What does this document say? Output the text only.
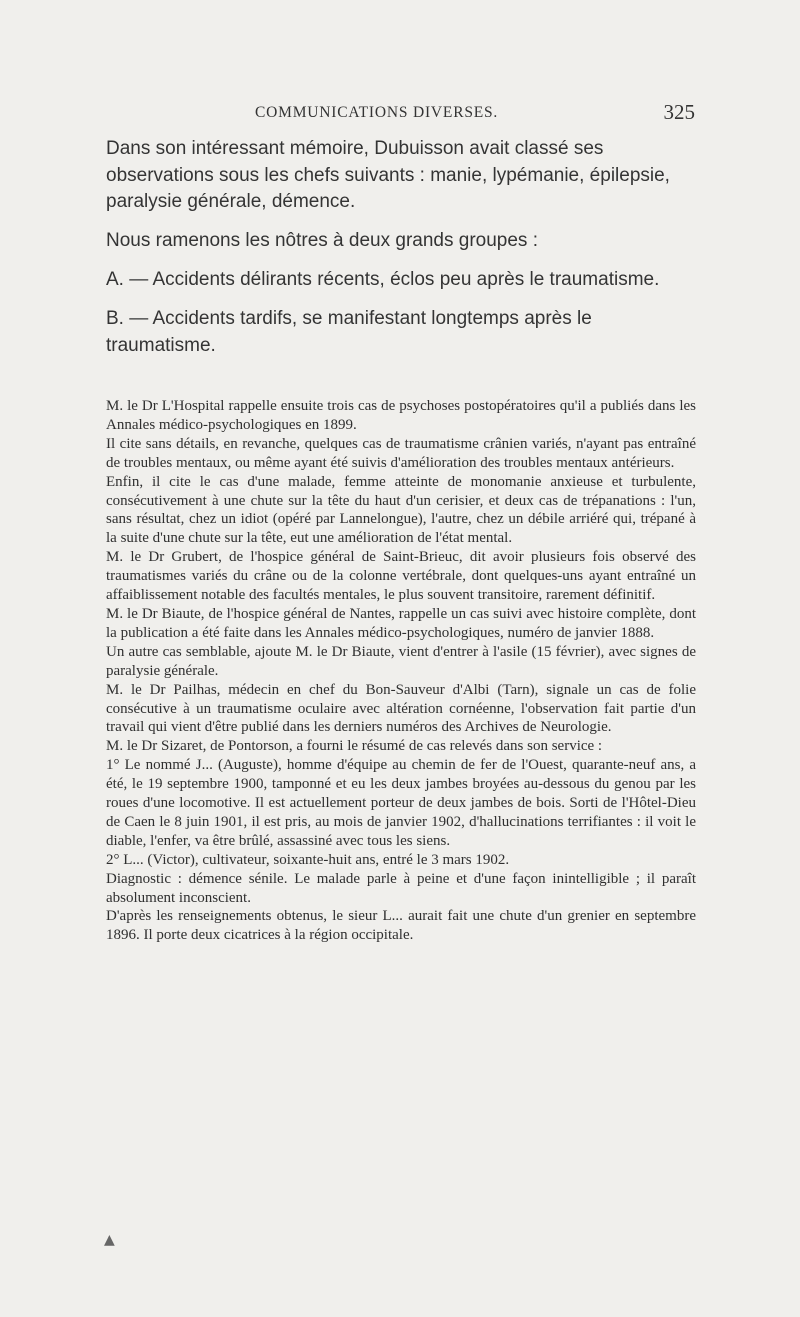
COMMUNICATIONS DIVERSES.	325

Dans son intéressant mémoire, Dubuisson avait classé ses observations sous les chefs suivants : manie, lypémanie, épilepsie, paralysie générale, démence.

Nous ramenons les nôtres à deux grands groupes :

A. — Accidents délirants récents, éclos peu après le traumatisme.

B. — Accidents tardifs, se manifestant longtemps après le traumatisme.

M. le Dr L'Hospital rappelle ensuite trois cas de psychoses postopératoires qu'il a publiés dans les Annales médico-psychologiques en 1899.

Il cite sans détails, en revanche, quelques cas de traumatisme crânien variés, n'ayant pas entraîné de troubles mentaux, ou même ayant été suivis d'amélioration des troubles mentaux antérieurs.

Enfin, il cite le cas d'une malade, femme atteinte de monomanie anxieuse et turbulente, consécutivement à une chute sur la tête du haut d'un cerisier, et deux cas de trépanations : l'un, sans résultat, chez un idiot (opéré par Lannelongue), l'autre, chez un débile arriéré qui, trépané à la suite d'une chute sur la tête, eut une amélioration de l'état mental.

M. le Dr Grubert, de l'hospice général de Saint-Brieuc, dit avoir plusieurs fois observé des traumatismes variés du crâne ou de la colonne vertébrale, dont quelques-uns ayant entraîné un affaiblissement notable des facultés mentales, le plus souvent transitoire, rarement définitif.

M. le Dr Biaute, de l'hospice général de Nantes, rappelle un cas suivi avec histoire complète, dont la publication a été faite dans les Annales médico-psychologiques, numéro de janvier 1888.

Un autre cas semblable, ajoute M. le Dr Biaute, vient d'entrer à l'asile (15 février), avec signes de paralysie générale.

M. le Dr Pailhas, médecin en chef du Bon-Sauveur d'Albi (Tarn), signale un cas de folie consécutive à un traumatisme oculaire avec altération cornéenne, l'observation fait partie d'un travail qui vient d'être publié dans les derniers numéros des Archives de Neurologie.

M. le Dr Sizaret, de Pontorson, a fourni le résumé de cas relevés dans son service :

1° Le nommé J... (Auguste), homme d'équipe au chemin de fer de l'Ouest, quarante-neuf ans, a été, le 19 septembre 1900, tamponné et eu les deux jambes broyées au-dessous du genou par les roues d'une locomotive. Il est actuellement porteur de deux jambes de bois. Sorti de l'Hôtel-Dieu de Caen le 8 juin 1901, il est pris, au mois de janvier 1902, d'hallucinations terrifiantes : il voit le diable, l'enfer, va être brûlé, assassiné avec tous les siens.

2° L... (Victor), cultivateur, soixante-huit ans, entré le 3 mars 1902.

Diagnostic : démence sénile. Le malade parle à peine et d'une façon inintelligible ; il paraît absolument inconscient.

D'après les renseignements obtenus, le sieur L... aurait fait une chute d'un grenier en septembre 1896. Il porte deux cicatrices à la région occipitale.

▲
